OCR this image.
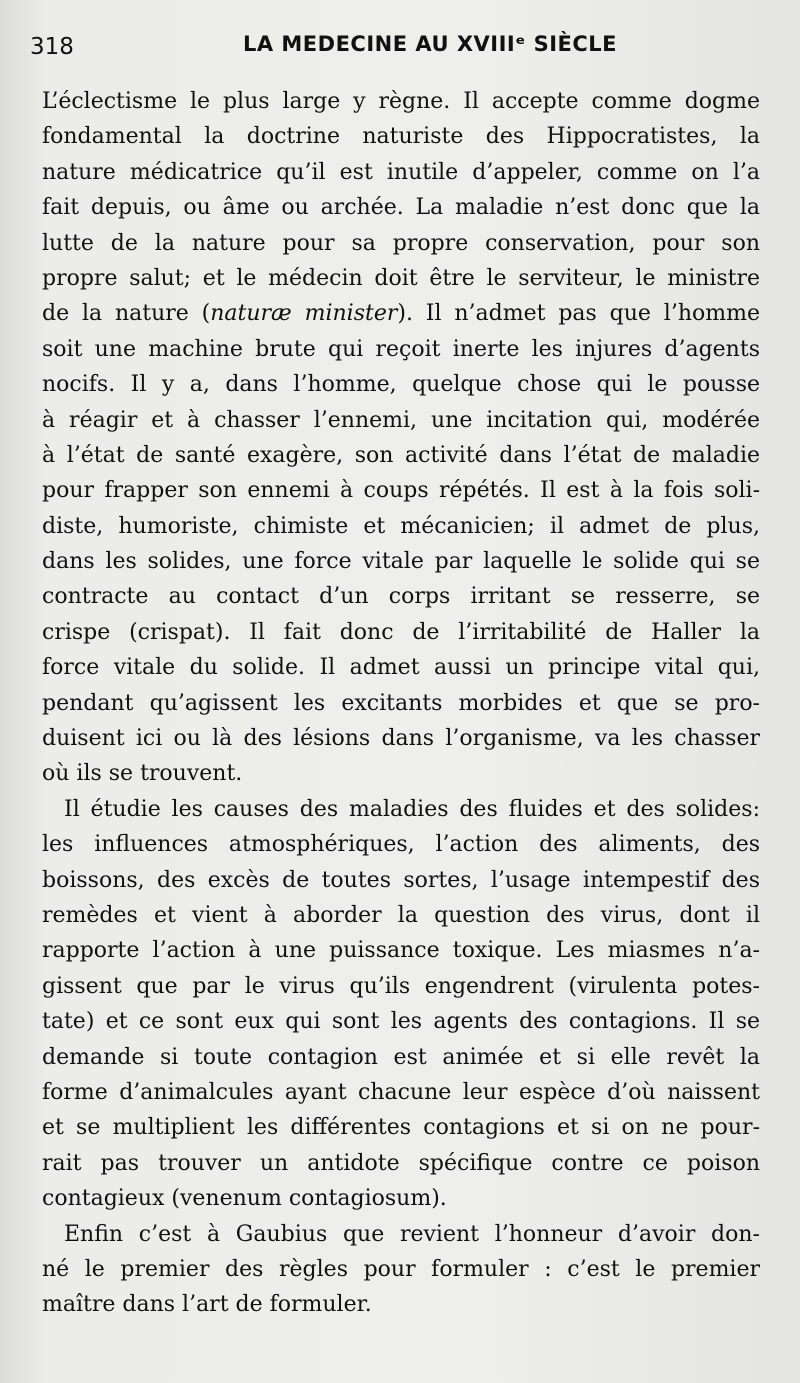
318	LA MEDECINE AU XVIIIᵉ SIÈCLE
L’éclectisme le plus large y règne. Il accepte comme dogme
fondamental la doctrine naturiste des Hippocratistes, la
nature médicatrice qu’il est inutile d’appeler, comme on l’a
fait depuis, ou âme ou archée. La maladie n’est donc que la
lutte de la nature pour sa propre conservation, pour son
propre salut; et le médecin doit être le serviteur, le ministre
de la nature (naturæ minister). Il n’admet pas que l’homme
soit une machine brute qui reçoit inerte les injures d’agents
nocifs. Il y a, dans l’homme, quelque chose qui le pousse
à réagir et à chasser l’ennemi, une incitation qui, modérée
à l’état de santé exagère, son activité dans l’état de maladie
pour frapper son ennemi à coups répétés. Il est à la fois soli-
diste, humoriste, chimiste et mécanicien; il admet de plus,
dans les solides, une force vitale par laquelle le solide qui se
contracte au contact d’un corps irritant se resserre, se
crispe (crispat). Il fait donc de l’irritabilité de Haller la
force vitale du solide. Il admet aussi un principe vital qui,
pendant qu’agissent les excitants morbides et que se pro-
duisent ici ou là des lésions dans l’organisme, va les chasser
où ils se trouvent.
Il étudie les causes des maladies des fluides et des solides:
les influences atmosphériques, l’action des aliments, des
boissons, des excès de toutes sortes, l’usage intempestif des
remèdes et vient à aborder la question des virus, dont il
rapporte l’action à une puissance toxique. Les miasmes n’a-
gissent que par le virus qu’ils engendrent (virulenta potes-
tate) et ce sont eux qui sont les agents des contagions. Il se
demande si toute contagion est animée et si elle revêt la
forme d’animalcules ayant chacune leur espèce d’où naissent
et se multiplient les différentes contagions et si on ne pour-
rait pas trouver un antidote spécifique contre ce poison
contagieux (venenum contagiosum).
Enfin c’est à Gaubius que revient l’honneur d’avoir don-
né le premier des règles pour formuler : c’est le premier
maître dans l’art de formuler.
